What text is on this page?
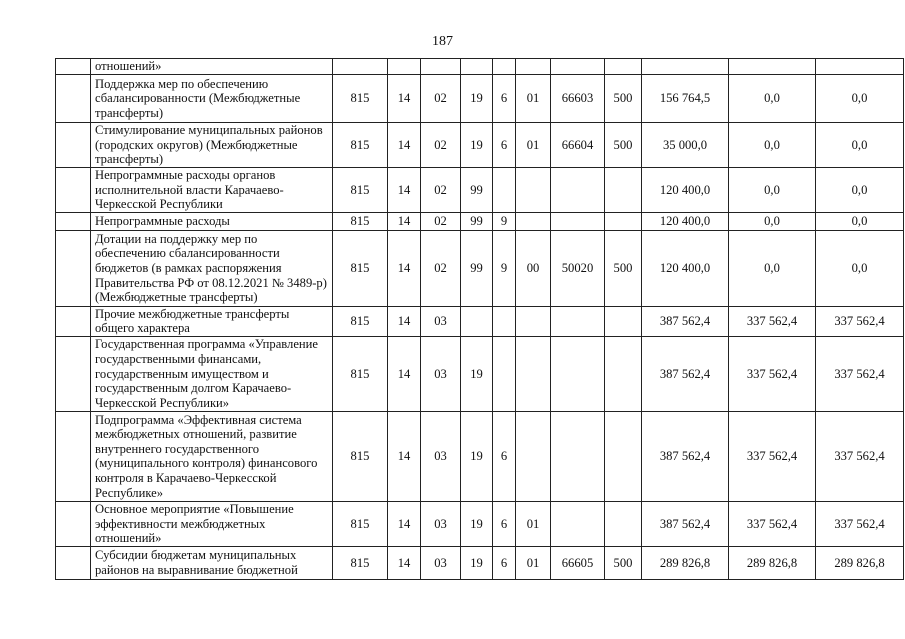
187
	отношений»											
	Поддержка мер по обеспечению сбалансированности (Межбюджетные трансферты)	815	14	02	19	6	01	66603	500	156 764,5	0,0	0,0
	Стимулирование муниципальных районов (городских округов) (Межбюджетные трансферты)	815	14	02	19	6	01	66604	500	35 000,0	0,0	0,0
	Непрограммные расходы органов исполнительной власти Карачаево-Черкесской Республики	815	14	02	99					120 400,0	0,0	0,0
	Непрограммные расходы	815	14	02	99	9				120 400,0	0,0	0,0
	Дотации на поддержку мер по обеспечению сбалансированности бюджетов (в рамках распоряжения Правительства РФ от 08.12.2021 № 3489-р) (Межбюджетные трансферты)	815	14	02	99	9	00	50020	500	120 400,0	0,0	0,0
	Прочие межбюджетные трансферты общего характера	815	14	03						387 562,4	337 562,4	337 562,4
	Государственная программа «Управление государственными финансами, государственным имуществом и государственным долгом Карачаево-Черкесской Республики»	815	14	03	19					387 562,4	337 562,4	337 562,4
	Подпрограмма «Эффективная система межбюджетных отношений, развитие внутреннего государственного (муниципального контроля) финансового контроля в Карачаево-Черкесской Республике»	815	14	03	19	6				387 562,4	337 562,4	337 562,4
	Основное мероприятие «Повышение эффективности межбюджетных отношений»	815	14	03	19	6	01			387 562,4	337 562,4	337 562,4
	Субсидии бюджетам муниципальных районов на выравнивание бюджетной	815	14	03	19	6	01	66605	500	289 826,8	289 826,8	289 826,8
